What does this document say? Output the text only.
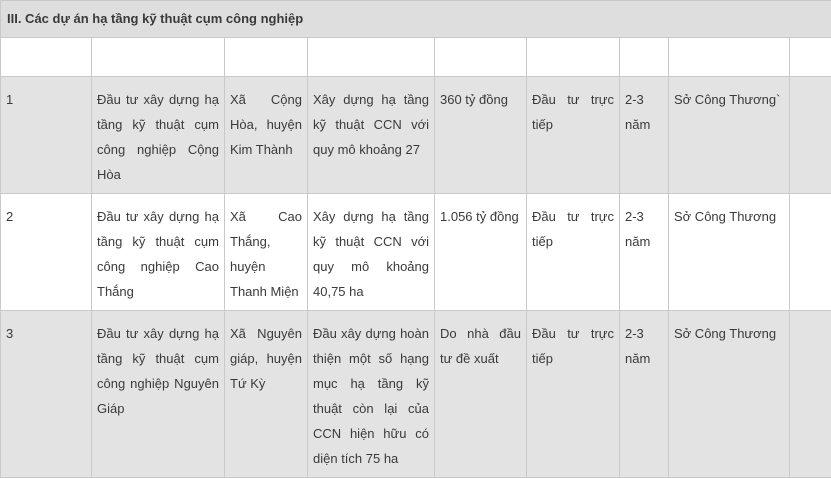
III. Các dự án hạ tầng kỹ thuật cụm công nghiệp								

1	Đầu tư xây dựng hạ tầng kỹ thuật cụm công nghiệp Cộng Hòa	Xã Cộng Hòa, huyện Kim Thành	Xây dựng hạ tầng kỹ thuật CCN với quy mô khoảng 27	360 tỷ đồng	Đầu tư trực tiếp	2-3 năm	Sở Công Thương`	
2	Đầu tư xây dựng hạ tầng kỹ thuật cụm công nghiệp Cao Thắng	Xã Cao Thắng, huyện Thanh Miện	Xây dựng hạ tầng kỹ thuật CCN với quy mô khoảng 40,75 ha	1.056 tỷ đồng	Đầu tư trực tiếp	2-3 năm	Sở Công Thương	
3	Đầu tư xây dựng hạ tầng kỹ thuật cụm công nghiệp Nguyên Giáp	Xã Nguyên giáp, huyện Tứ Kỳ	Đầu xây dựng hoàn thiện một số hạng mục hạ tầng kỹ thuật còn lại của CCN hiện hữu có diện tích 75 ha	Do nhà đầu tư đề xuất	Đầu tư trực tiếp	2-3 năm	Sở Công Thương	
